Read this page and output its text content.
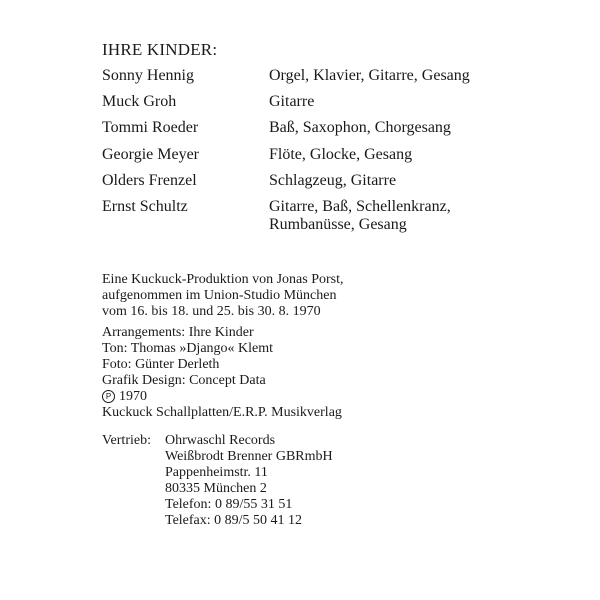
IHRE KINDER:
Sonny Hennig	Orgel, Klavier, Gitarre, Gesang
Muck Groh	Gitarre
Tommi Roeder	Baß, Saxophon, Chorgesang
Georgie Meyer	Flöte, Glocke, Gesang
Olders Frenzel	Schlagzeug, Gitarre
Ernst Schultz	Gitarre, Baß, Schellenkranz,
Rumbanüsse, Gesang

Eine Kuckuck-Produktion von Jonas Porst,

aufgenommen im Union-Studio München

vom 16. bis 18. und 25. bis 30. 8. 1970

Arrangements: Ihre Kinder

Ton: Thomas »Django« Klemt

Foto: Günter Derleth

Grafik Design: Concept Data

P 1970

Kuckuck Schallplatten/E.R.P. Musikverlag

Vertrieb: Ohrwaschl Records

Weißbrodt Brenner GBRmbH

Pappenheimstr. 11

80335 München 2

Telefon: 0 89/55 31 51

Telefax: 0 89/5 50 41 12
